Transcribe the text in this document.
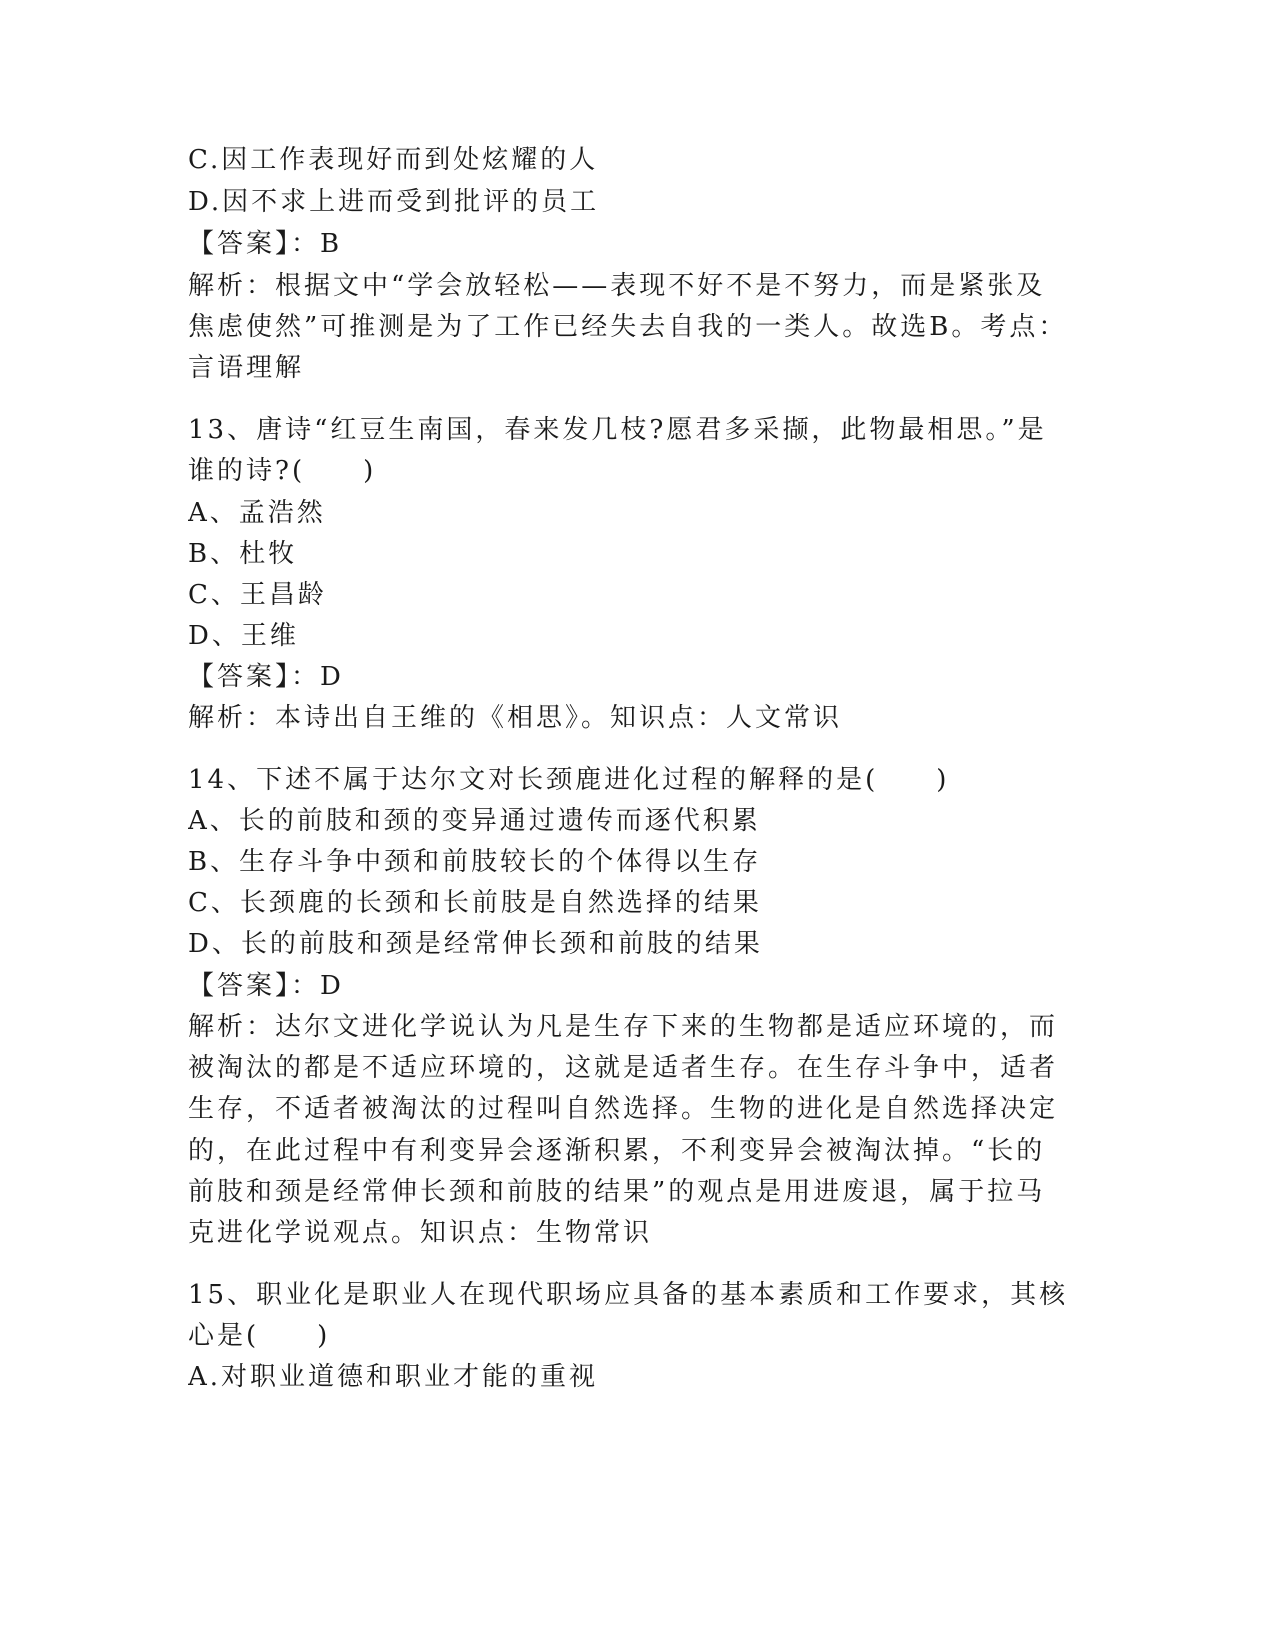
C.因工作表现好而到处炫耀的人
D.因不求上进而受到批评的员工
【答案】：B
解析：根据文中“学会放轻松——表现不好不是不努力，而是紧张及
焦虑使然”可推测是为了工作已经失去自我的一类人。故选B。考点：
言语理解
13、唐诗“红豆生南国，春来发几枝?愿君多采撷，此物最相思。”是
谁的诗?(　　)
A、孟浩然
B、杜牧
C、王昌龄
D、王维
【答案】：D
解析：本诗出自王维的《相思》。知识点：人文常识
14、下述不属于达尔文对长颈鹿进化过程的解释的是(　　)
A、长的前肢和颈的变异通过遗传而逐代积累
B、生存斗争中颈和前肢较长的个体得以生存
C、长颈鹿的长颈和长前肢是自然选择的结果
D、长的前肢和颈是经常伸长颈和前肢的结果
【答案】：D
解析：达尔文进化学说认为凡是生存下来的生物都是适应环境的，而
被淘汰的都是不适应环境的，这就是适者生存。在生存斗争中，适者
生存，不适者被淘汰的过程叫自然选择。生物的进化是自然选择决定
的，在此过程中有利变异会逐渐积累，不利变异会被淘汰掉。“长的
前肢和颈是经常伸长颈和前肢的结果”的观点是用进废退，属于拉马
克进化学说观点。知识点：生物常识
15、职业化是职业人在现代职场应具备的基本素质和工作要求，其核
心是(　　)
A.对职业道德和职业才能的重视
